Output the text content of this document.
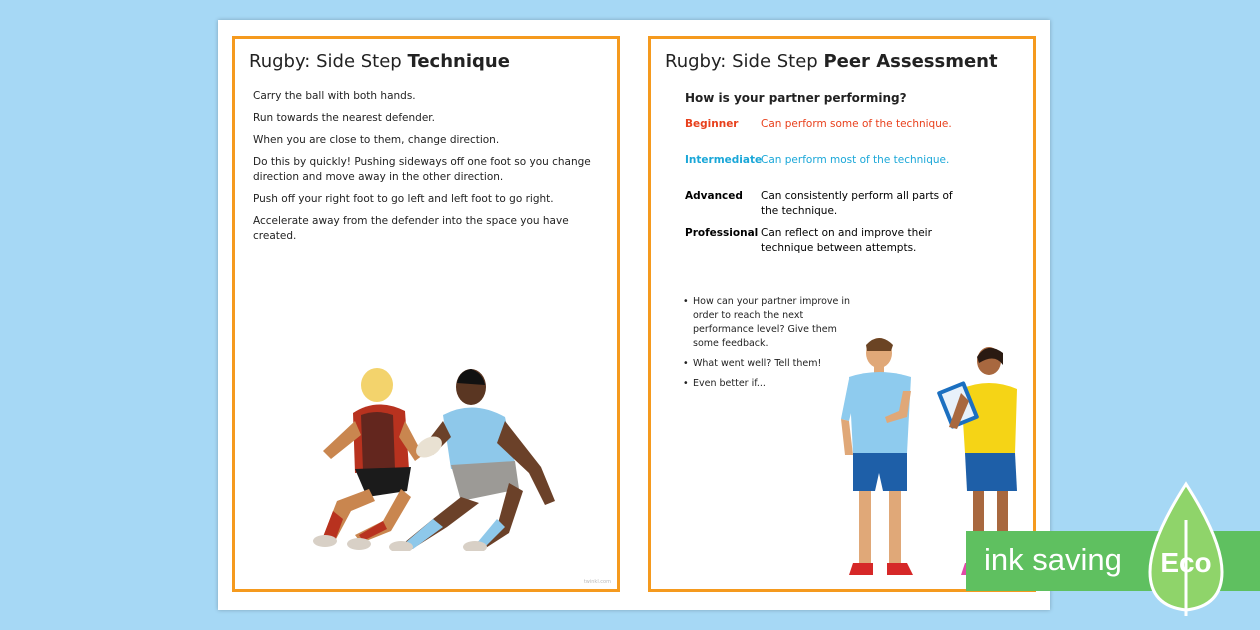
Rugby: Side Step Technique

Carry the ball with both hands.

Run towards the nearest defender.

When you are close to them, change direction.

Do this by quickly! Pushing sideways off one foot so you change direction and move away in the other direction.

Push off your right foot to go left and left foot to go right.

Accelerate away from the defender into the space you have created.

twinkl.com
Rugby: Side Step Peer Assessment
How is your partner performing?
Beginner	Can perform some of the technique.
Intermediate
Can perform most of the technique.
Advanced	Can consistently perform all parts of the technique.
Professional Can reflect on and improve their technique between attempts.
• How can your partner improve in order to reach the next performance level? Give them some feedback.
• What went well? Tell them!
• Even better if...
ink saving Eco
